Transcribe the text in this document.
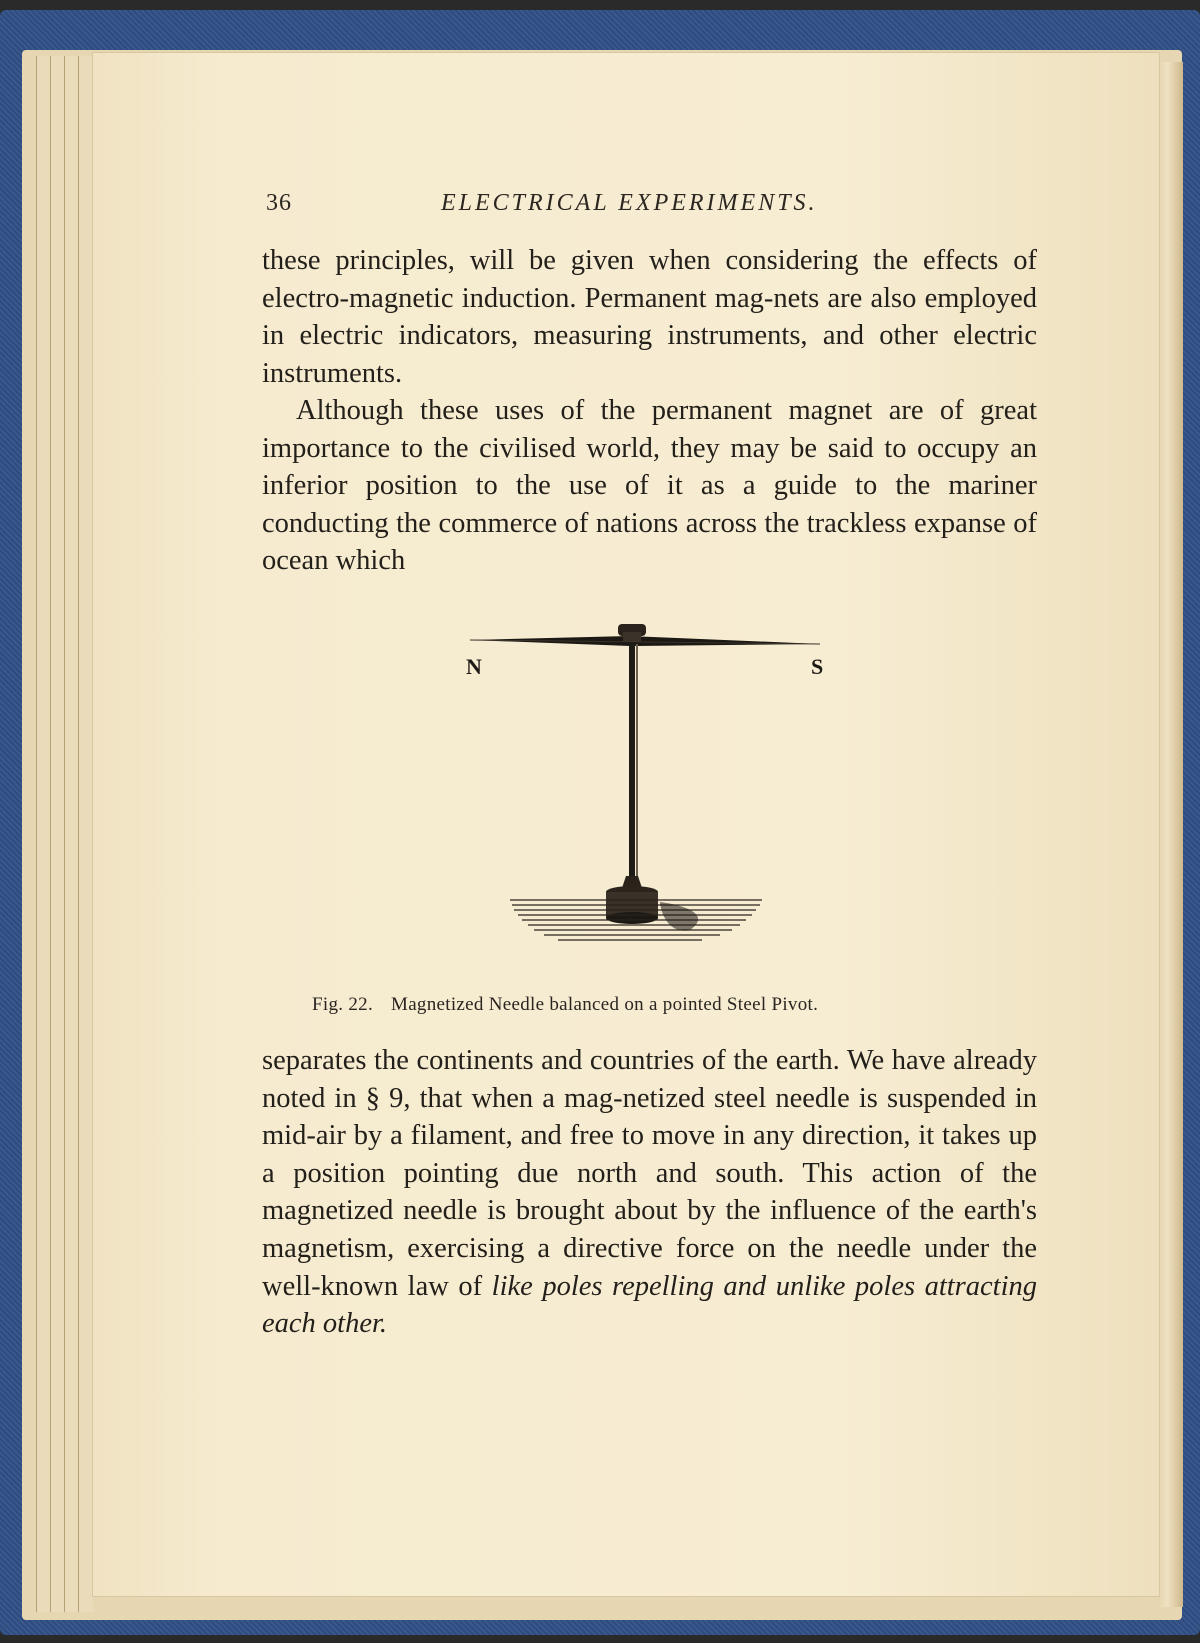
36	ELECTRICAL EXPERIMENTS.

these principles, will be given when considering the effects of electro-magnetic induction. Permanent mag-nets are also employed in electric indicators, measuring instruments, and other electric instruments.

Although these uses of the permanent magnet are of great importance to the civilised world, they may be said to occupy an inferior position to the use of it as a guide to the mariner conducting the commerce of nations across the trackless expanse of ocean which

N	S
Fig. 22. Magnetized Needle balanced on a pointed Steel Pivot.

separates the continents and countries of the earth. We have already noted in § 9, that when a mag-netized steel needle is suspended in mid-air by a filament, and free to move in any direction, it takes up a position pointing due north and south. This action of the magnetized needle is brought about by the influence of the earth's magnetism, exercising a directive force on the needle under the well-known law of like poles repelling and unlike poles attracting each other.
